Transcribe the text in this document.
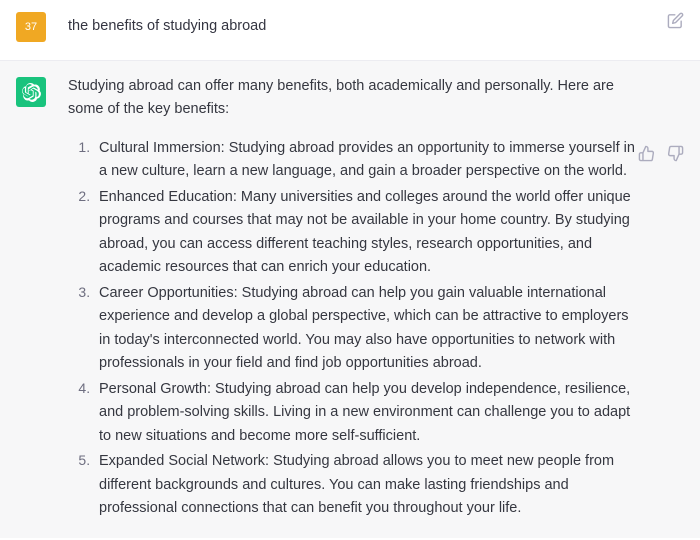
37 the benefits of studying abroad

Studying abroad can offer many benefits, both academically and personally. Here are some of the key benefits:

1. Cultural Immersion: Studying abroad provides an opportunity to immerse yourself in a new culture, learn a new language, and gain a broader perspective on the world.
2. Enhanced Education: Many universities and colleges around the world offer unique programs and courses that may not be available in your home country. By studying abroad, you can access different teaching styles, research opportunities, and academic resources that can enrich your education.
3. Career Opportunities: Studying abroad can help you gain valuable international experience and develop a global perspective, which can be attractive to employers in today's interconnected world. You may also have opportunities to network with professionals in your field and find job opportunities abroad.
4. Personal Growth: Studying abroad can help you develop independence, resilience, and problem-solving skills. Living in a new environment can challenge you to adapt to new situations and become more self-sufficient.
5. Expanded Social Network: Studying abroad allows you to meet new people from different backgrounds and cultures. You can make lasting friendships and professional connections that can benefit you throughout your life.
